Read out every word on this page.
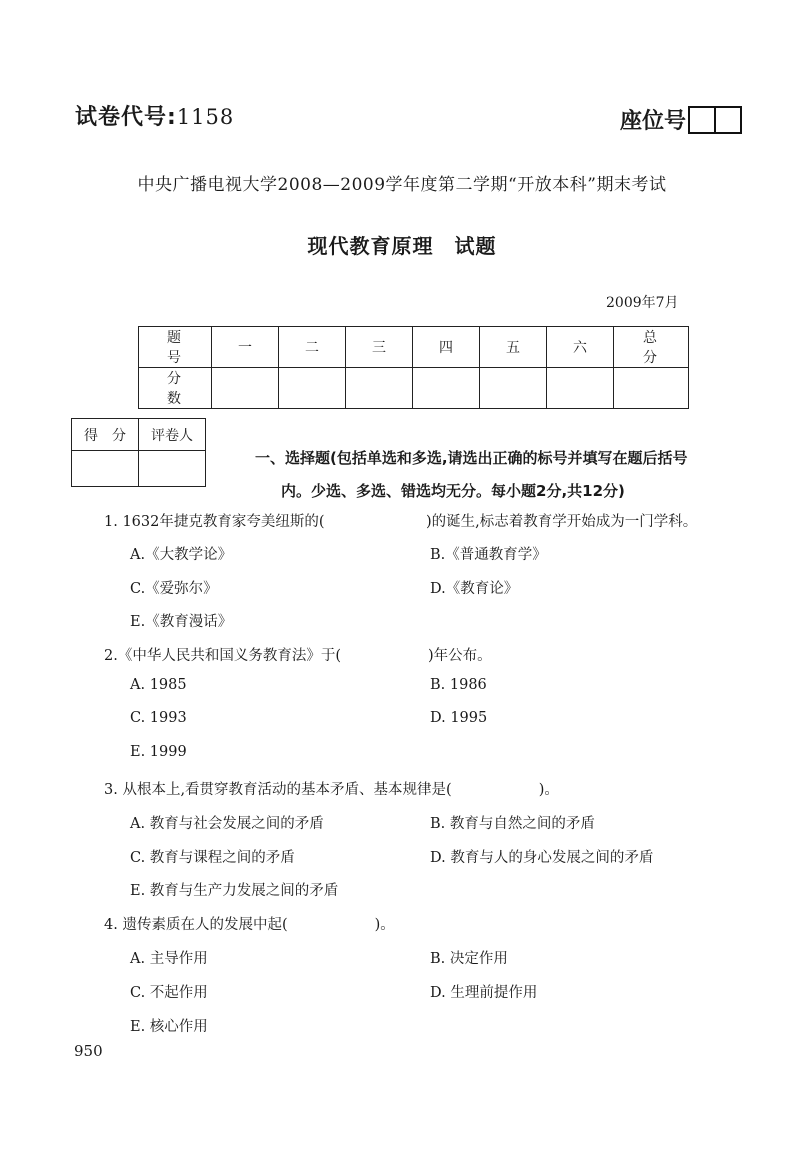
试卷代号:1158	座位号
中央广播电视大学2008—2009学年度第二学期“开放本科”期末考试
现代教育原理　试题
2009年7月
题　号	一	二	三	四	五	六	总　分
分　数							
得　分	评卷人

一、选择题(包括单选和多选,请选出正确的标号并填写在题后括号
内。少选、多选、错选均无分。每小题2分,共12分)
1. 1632年捷克教育家夸美纽斯的(　　　　　　　)的诞生,标志着教育学开始成为一门学科。
A.《大教学论》	B.《普通教育学》
C.《爱弥尔》	D.《教育论》
E.《教育漫话》
2.《中华人民共和国义务教育法》于(　　　　　　)年公布。
A. 1985	B. 1986
C. 1993	D. 1995
E. 1999
3. 从根本上,看贯穿教育活动的基本矛盾、基本规律是(　　　　　　)。
A. 教育与社会发展之间的矛盾	B. 教育与自然之间的矛盾
C. 教育与课程之间的矛盾	D. 教育与人的身心发展之间的矛盾
E. 教育与生产力发展之间的矛盾
4. 遗传素质在人的发展中起(　　　　　　)。
A. 主导作用	B. 决定作用
C. 不起作用	D. 生理前提作用
E. 核心作用
950
